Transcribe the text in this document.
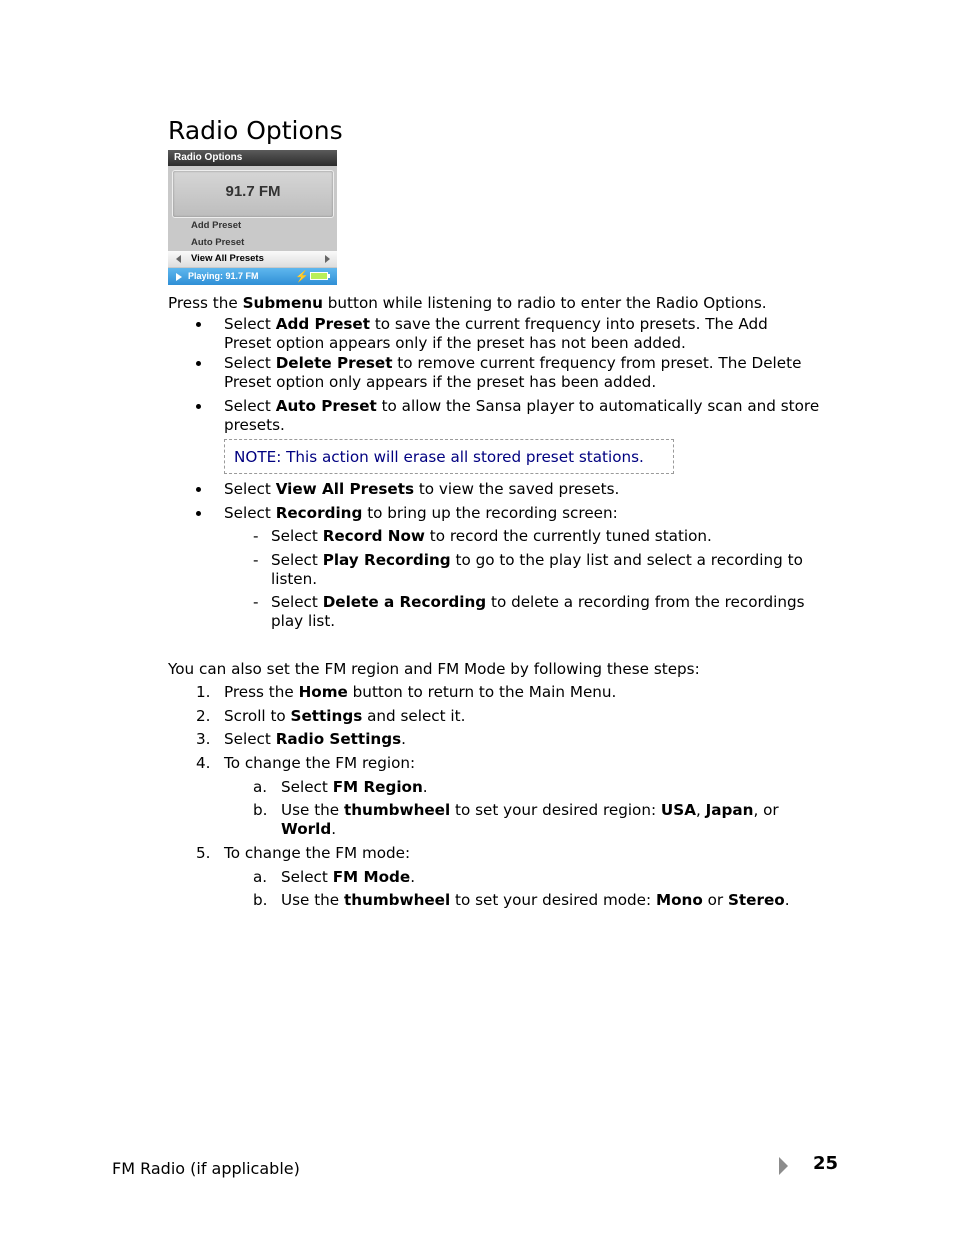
Radio Options
Radio Options
91.7 FM
Add Preset
Auto Preset
View All Presets
Playing: 91.7 FM	⚡

Press the Submenu button while listening to radio to enter the Radio Options.

Select Add Preset to save the current frequency into presets. The Add

Preset option appears only if the preset has not been added.

Select Delete Preset to remove current frequency from preset. The Delete

Preset option only appears if the preset has been added.

Select Auto Preset to allow the Sansa player to automatically scan and store

presets.

NOTE: This action will erase all stored preset stations.

Select View All Presets to view the saved presets.

Select Recording to bring up the recording screen:

- Select Record Now to record the currently tuned station.

- Select Play Recording to go to the play list and select a recording to

listen.

- Select Delete a Recording to delete a recording from the recordings

play list.

You can also set the FM region and FM Mode by following these steps:

1. Press the Home button to return to the Main Menu.

2. Scroll to Settings and select it.

3. Select Radio Settings.

4. To change the FM region:

a. Select FM Region.

b. Use the thumbwheel to set your desired region: USA, Japan, or

World.

5. To change the FM mode:

a. Select FM Mode.

b. Use the thumbwheel to set your desired mode: Mono or Stereo.

FM Radio (if applicable)	25
